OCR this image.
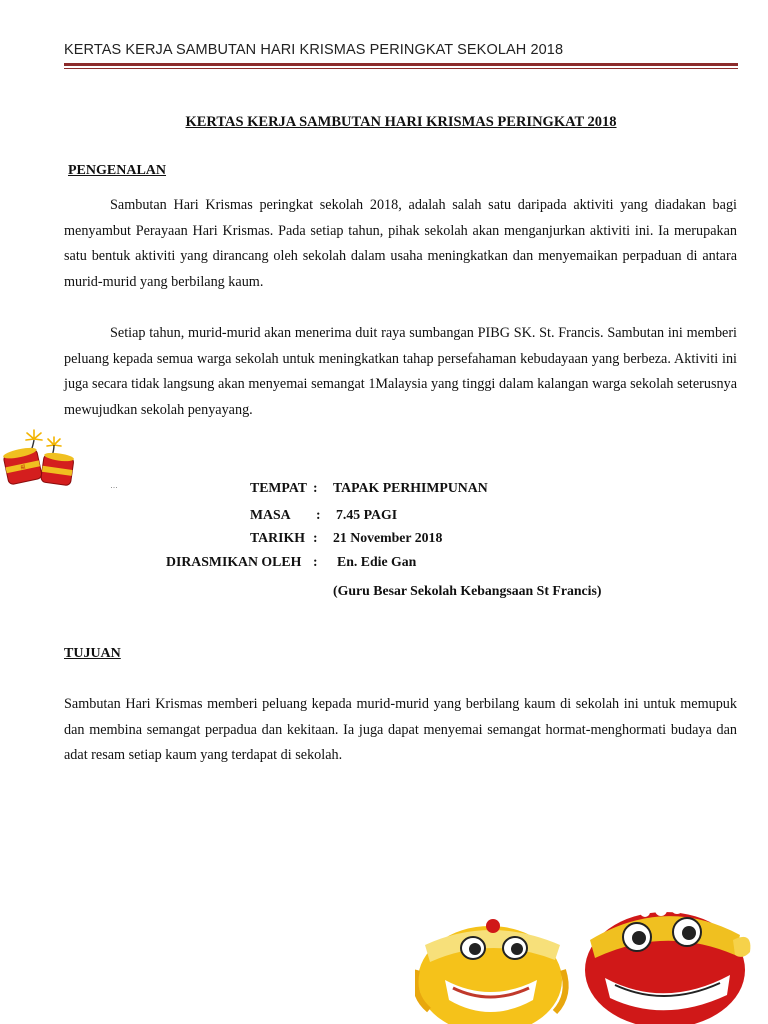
KERTAS KERJA SAMBUTAN HARI KRISMAS PERINGKAT SEKOLAH 2018
KERTAS KERJA SAMBUTAN HARI KRISMAS PERINGKAT 2018
PENGENALAN

Sambutan Hari Krismas peringkat sekolah 2018, adalah salah satu daripada aktiviti yang diadakan bagi menyambut Perayaan Hari Krismas. Pada setiap tahun, pihak sekolah akan menganjurkan aktiviti ini. Ia merupakan satu bentuk aktiviti yang dirancang oleh sekolah dalam usaha meningkatkan dan menyemaikan perpaduan di antara murid-murid yang berbilang kaum.

Setiap tahun, murid-murid akan menerima duit raya sumbangan PIBG SK. St. Francis. Sambutan ini memberi peluang kepada semua warga sekolah untuk meningkatkan tahap persefahaman kebudayaan yang berbeza. Aktiviti ini juga secara tidak langsung akan menyemai semangat 1Malaysia yang tinggi dalam kalangan warga sekolah seterusnya mewujudkan sekolah penyayang.

福
…	TEMPAT : TAPAK PERHIMPUNAN
MASA : 7.45 PAGI
TARIKH : 21 November 2018
DIRASMIKAN OLEH : En. Edie Gan
(Guru Besar Sekolah Kebangsaan St Francis)
TUJUAN

Sambutan Hari Krismas memberi peluang kepada murid-murid yang berbilang kaum di sekolah ini untuk memupuk dan membina semangat perpadua dan kekitaan. Ia juga dapat menyemai semangat hormat-menghormati budaya dan adat resam setiap kaum yang terdapat di sekolah.
